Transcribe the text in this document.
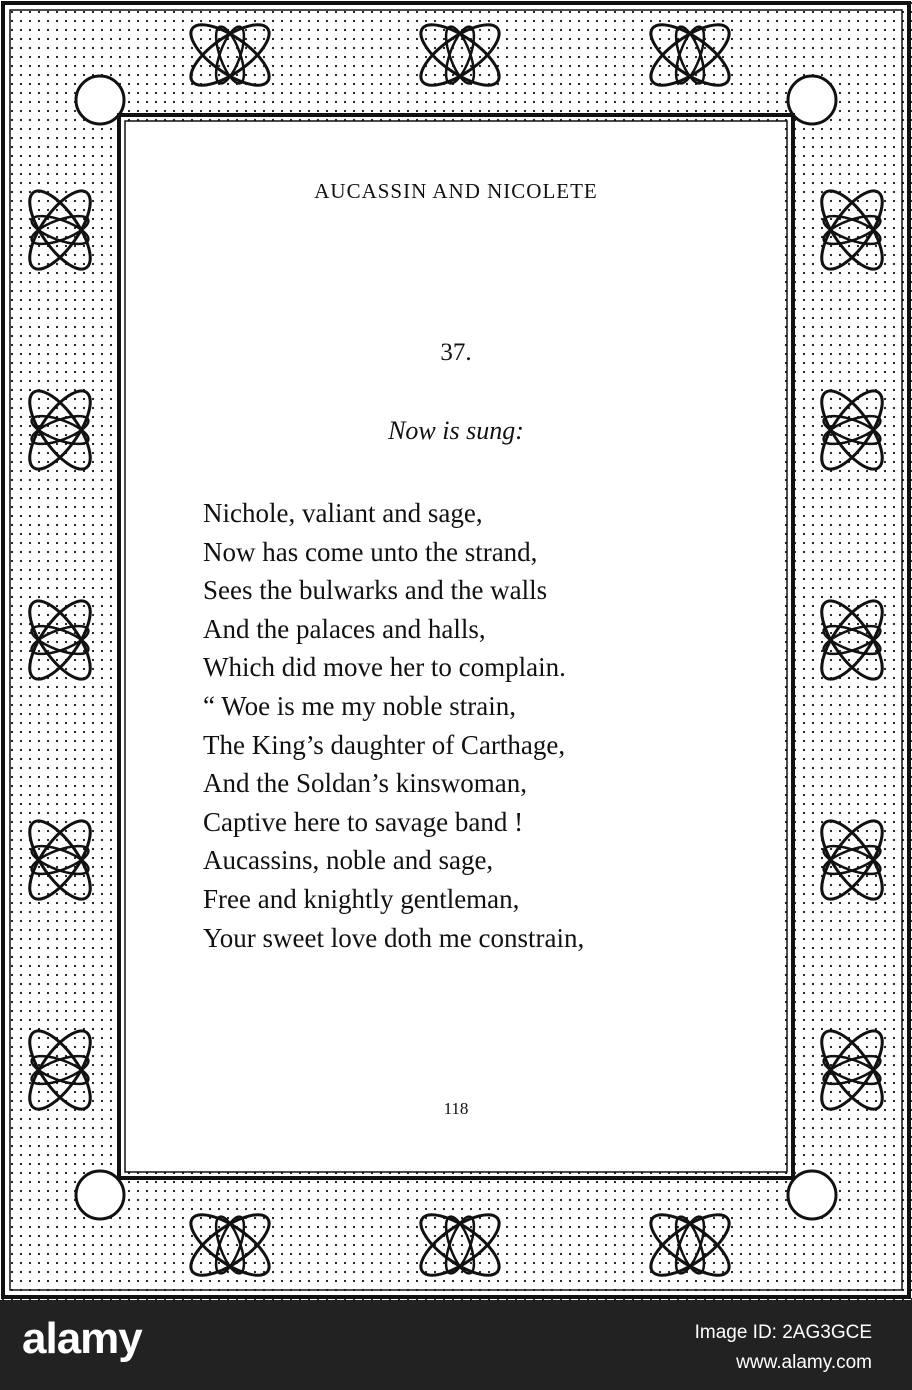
AUCASSIN AND NICOLETE
37.
Now is sung:
Nichole, valiant and sage,
Now has come unto the strand,
Sees the bulwarks and the walls
And the palaces and halls,
Which did move her to complain.
“ Woe is me my noble strain,
The King’s daughter of Carthage,
And the Soldan’s kinswoman,
Captive here to savage band !
Aucassins, noble and sage,
Free and knightly gentleman,
Your sweet love doth me constrain,
118
alamy	Image ID: 2AG3GCE
www.alamy.com
